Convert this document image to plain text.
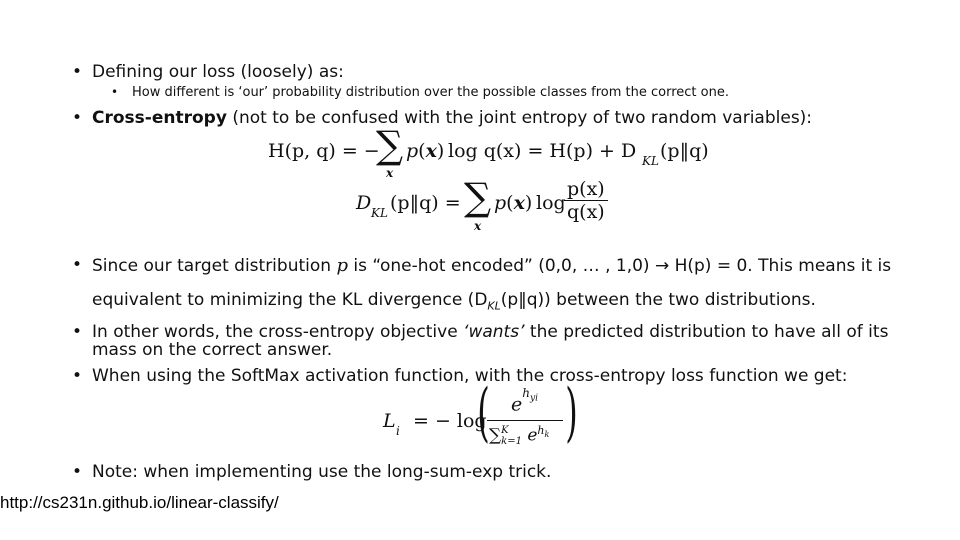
• Defining our loss (loosely) as:
• How different is ‘our’ probability distribution over the possible classes from the correct one.
• Cross-entropy (not to be confused with the joint entropy of two random variables):
H(p, q) = −
∑
x
p(x) log q(x) = H(p) + D KL (p‖q)
D KL (p‖q) = ∑
x
p(x) log
$\frac{p(x)}{q(x)}$
• Since our target distribution p is “one-hot encoded” (0,0, … , 1,0) → H(p) = 0. This means it is
equivalent to minimizing the KL divergence $(D_{KL}(p‖q))$ between the two distributions.
• In other words, the cross-entropy objective ‘wants’ the predicted distribution to have all of its
mass on the correct answer.
• When using the SoftMax activation function, with the cross-entropy loss function we get:
L i = − log
( $e^{h_{yi}}$
∑ K
k=1 $e^{h_k}$ )
• Note: when implementing use the long-sum-exp trick.
http://cs231n.github.io/linear-classify/
